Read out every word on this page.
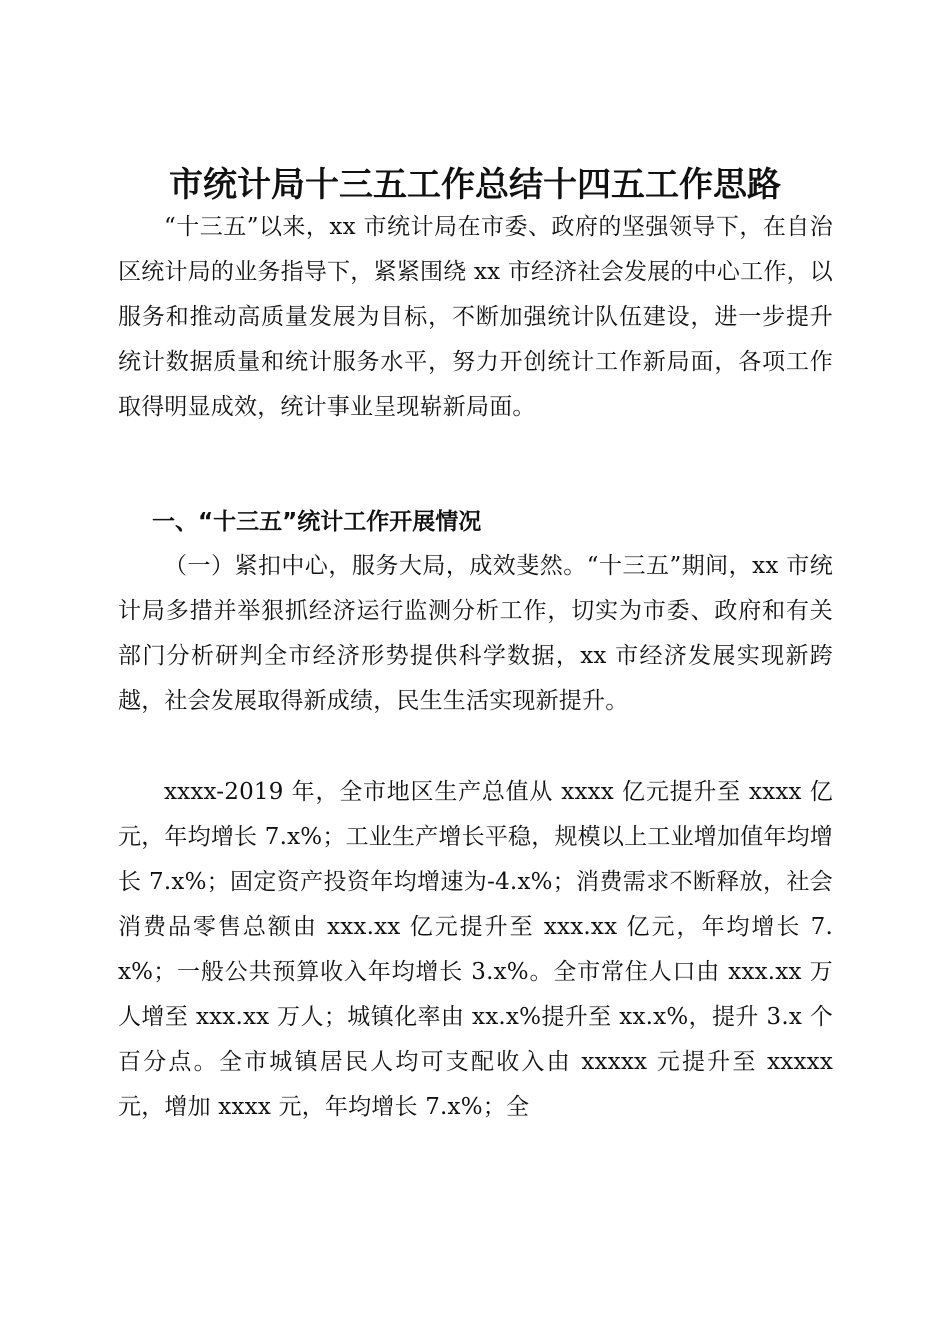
市统计局十三五工作总结十四五工作思路

“十三五”以来，xx 市统计局在市委、政府的坚强领导下，在自治区统计局的业务指导下，紧紧围绕 xx 市经济社会发展的中心工作，以服务和推动高质量发展为目标，不断加强统计队伍建设，进一步提升统计数据质量和统计服务水平，努力开创统计工作新局面，各项工作取得明显成效，统计事业呈现崭新局面。

一、“十三五”统计工作开展情况

（一）紧扣中心，服务大局，成效斐然。“十三五”期间，xx 市统计局多措并举狠抓经济运行监测分析工作，切实为市委、政府和有关部门分析研判全市经济形势提供科学数据，xx 市经济发展实现新跨越，社会发展取得新成绩，民生生活实现新提升。

xxxx-2019 年，全市地区生产总值从 xxxx 亿元提升至 xxxx 亿元，年均增长 7.x%；工业生产增长平稳，规模以上工业增加值年均增长 7.x%；固定资产投资年均增速为-4.x%；消费需求不断释放，社会消费品零售总额由 xxx.xx 亿元提升至 xxx.xx 亿元，年均增长 7.x%；一般公共预算收入年均增长 3.x%。全市常住人口由 xxx.xx 万人增至 xxx.xx 万人；城镇化率由 xx.x%提升至 xx.x%，提升 3.x 个百分点。全市城镇居民人均可支配收入由 xxxxx 元提升至 xxxxx 元，增加 xxxx 元，年均增长 7.x%；全
